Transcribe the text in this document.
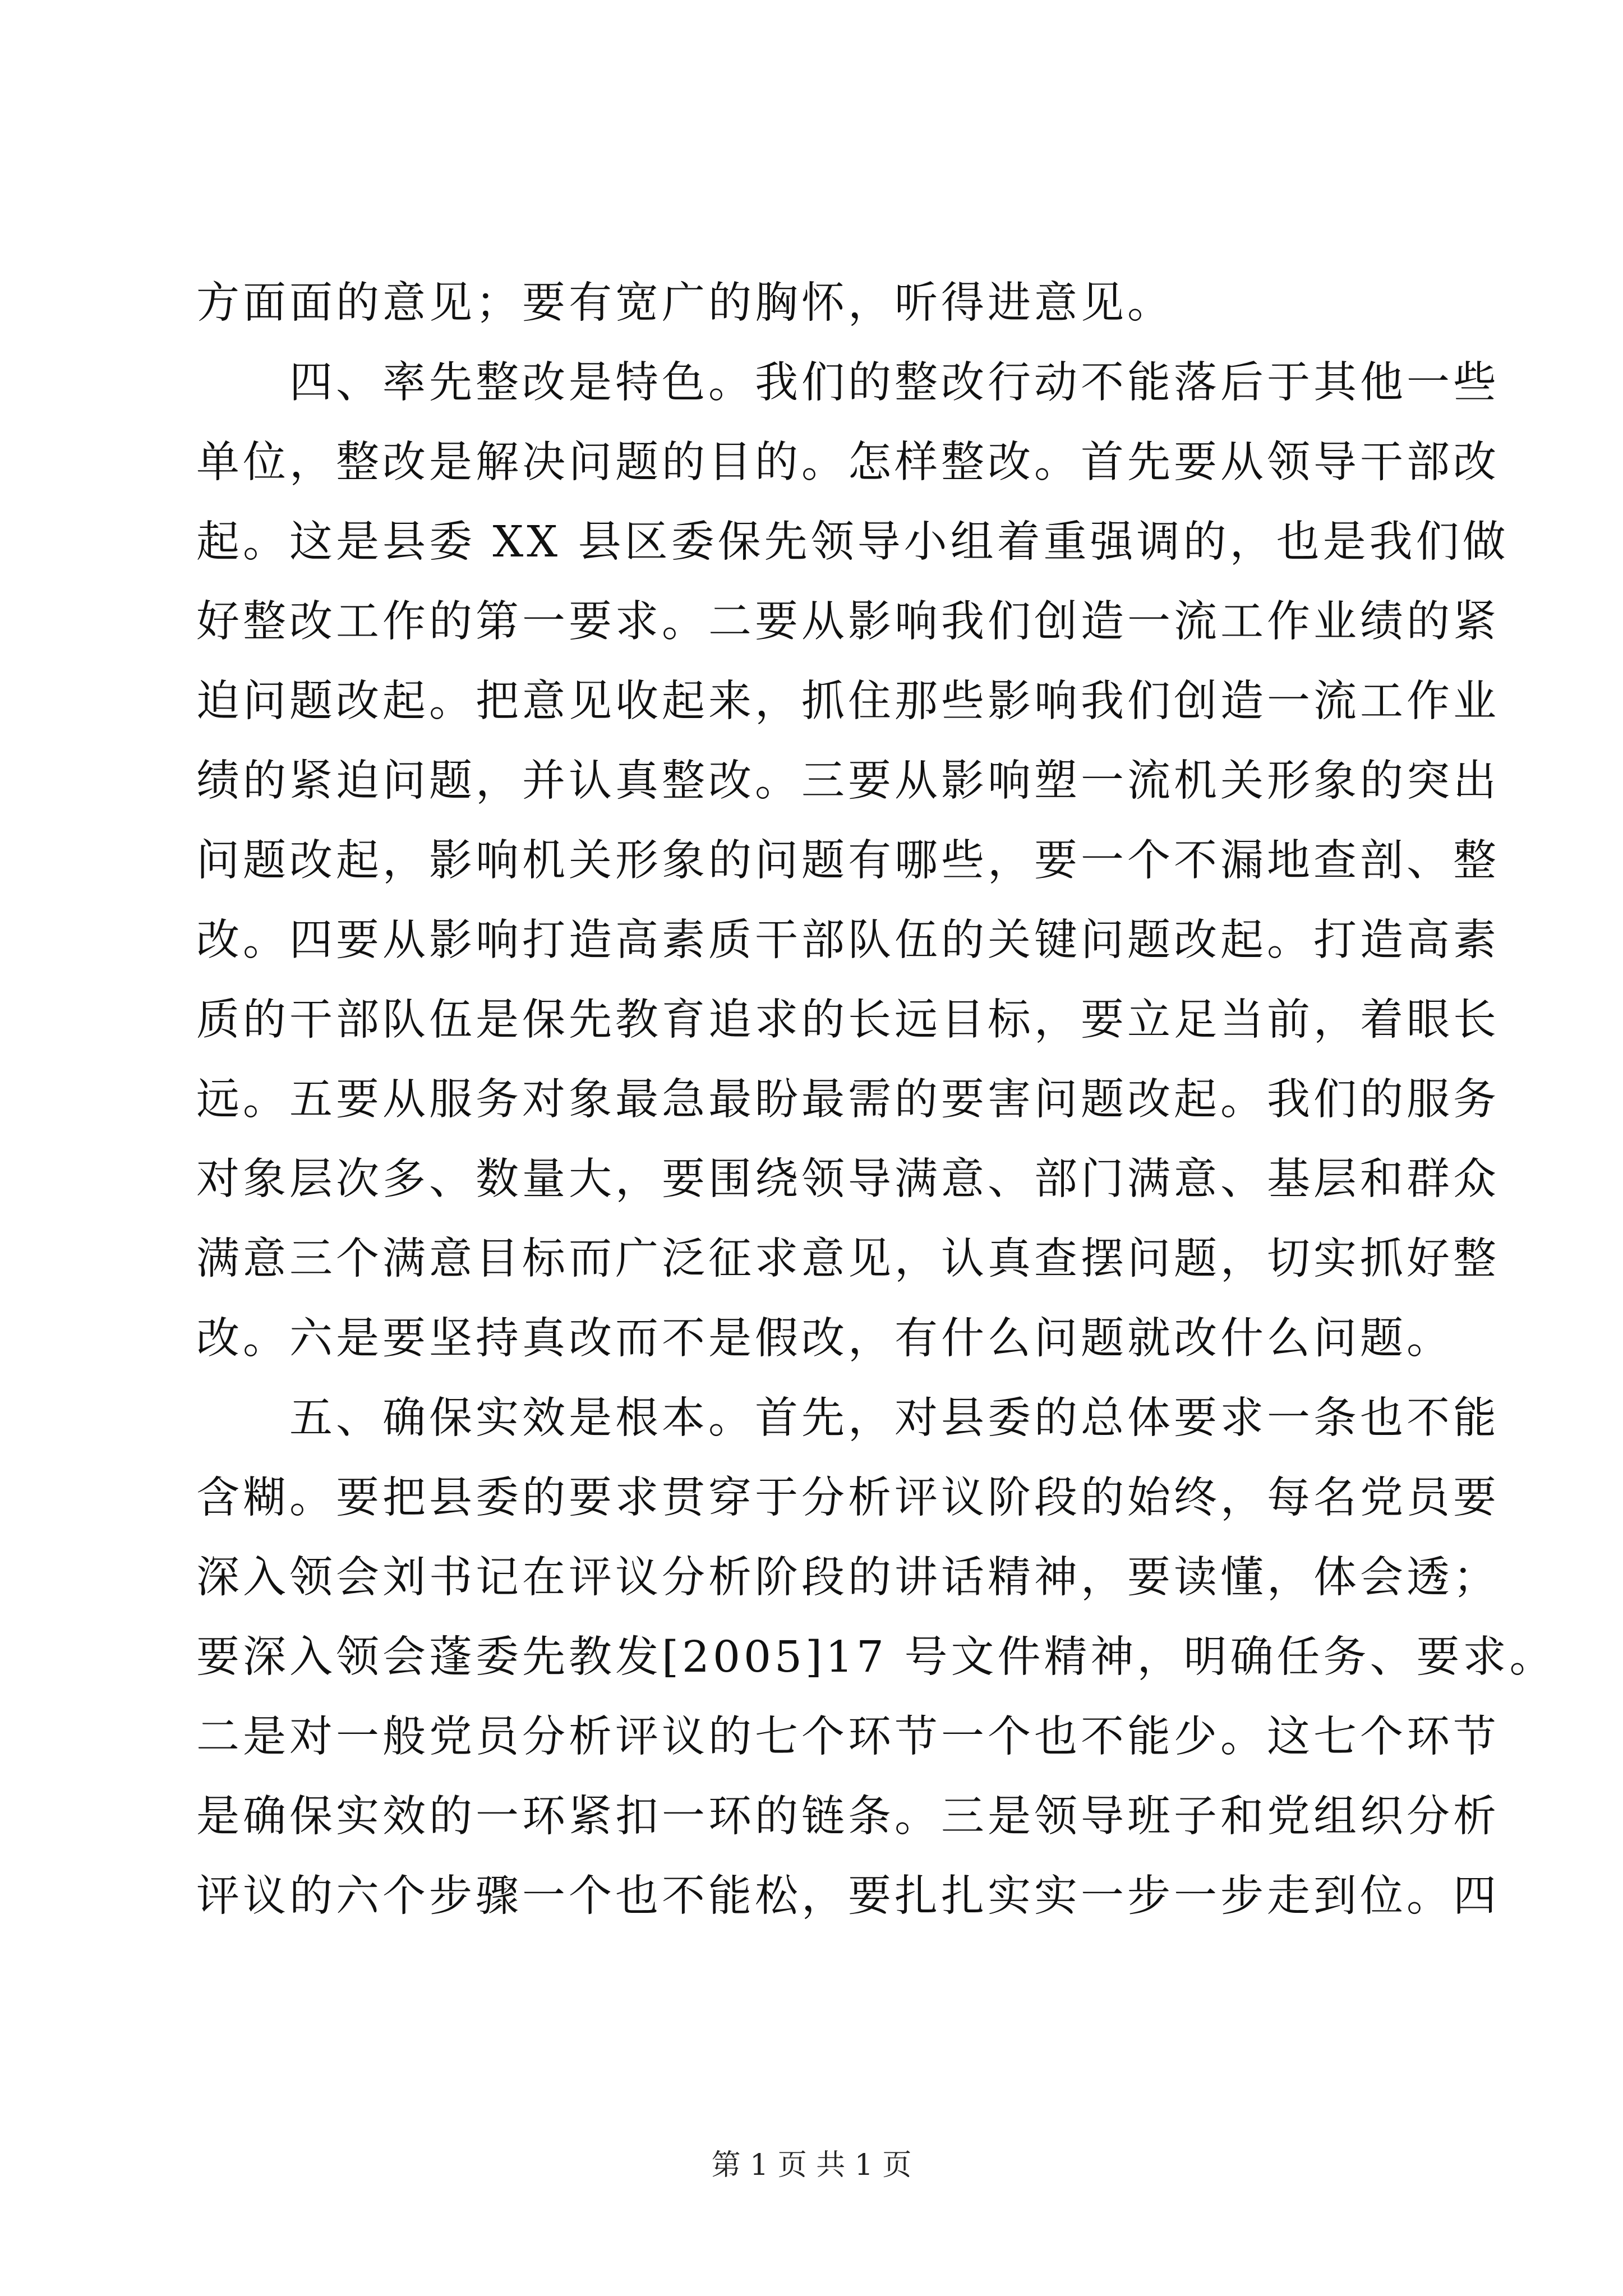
方面面的意见；要有宽广的胸怀，听得进意见。
　　四、率先整改是特色。我们的整改行动不能落后于其他一些
单位，整改是解决问题的目的。怎样整改。首先要从领导干部改
起。这是县委 XX 县区委保先领导小组着重强调的，也是我们做
好整改工作的第一要求。二要从影响我们创造一流工作业绩的紧
迫问题改起。把意见收起来，抓住那些影响我们创造一流工作业
绩的紧迫问题，并认真整改。三要从影响塑一流机关形象的突出
问题改起，影响机关形象的问题有哪些，要一个不漏地查剖、整
改。四要从影响打造高素质干部队伍的关键问题改起。打造高素
质的干部队伍是保先教育追求的长远目标，要立足当前，着眼长
远。五要从服务对象最急最盼最需的要害问题改起。我们的服务
对象层次多、数量大，要围绕领导满意、部门满意、基层和群众
满意三个满意目标而广泛征求意见，认真查摆问题，切实抓好整
改。六是要坚持真改而不是假改，有什么问题就改什么问题。
　　五、确保实效是根本。首先，对县委的总体要求一条也不能
含糊。要把县委的要求贯穿于分析评议阶段的始终，每名党员要
深入领会刘书记在评议分析阶段的讲话精神，要读懂，体会透；
要深入领会蓬委先教发[2005]17 号文件精神，明确任务、要求。
二是对一般党员分析评议的七个环节一个也不能少。这七个环节
是确保实效的一环紧扣一环的链条。三是领导班子和党组织分析
评议的六个步骤一个也不能松，要扎扎实实一步一步走到位。四
第 1 页 共 1 页
